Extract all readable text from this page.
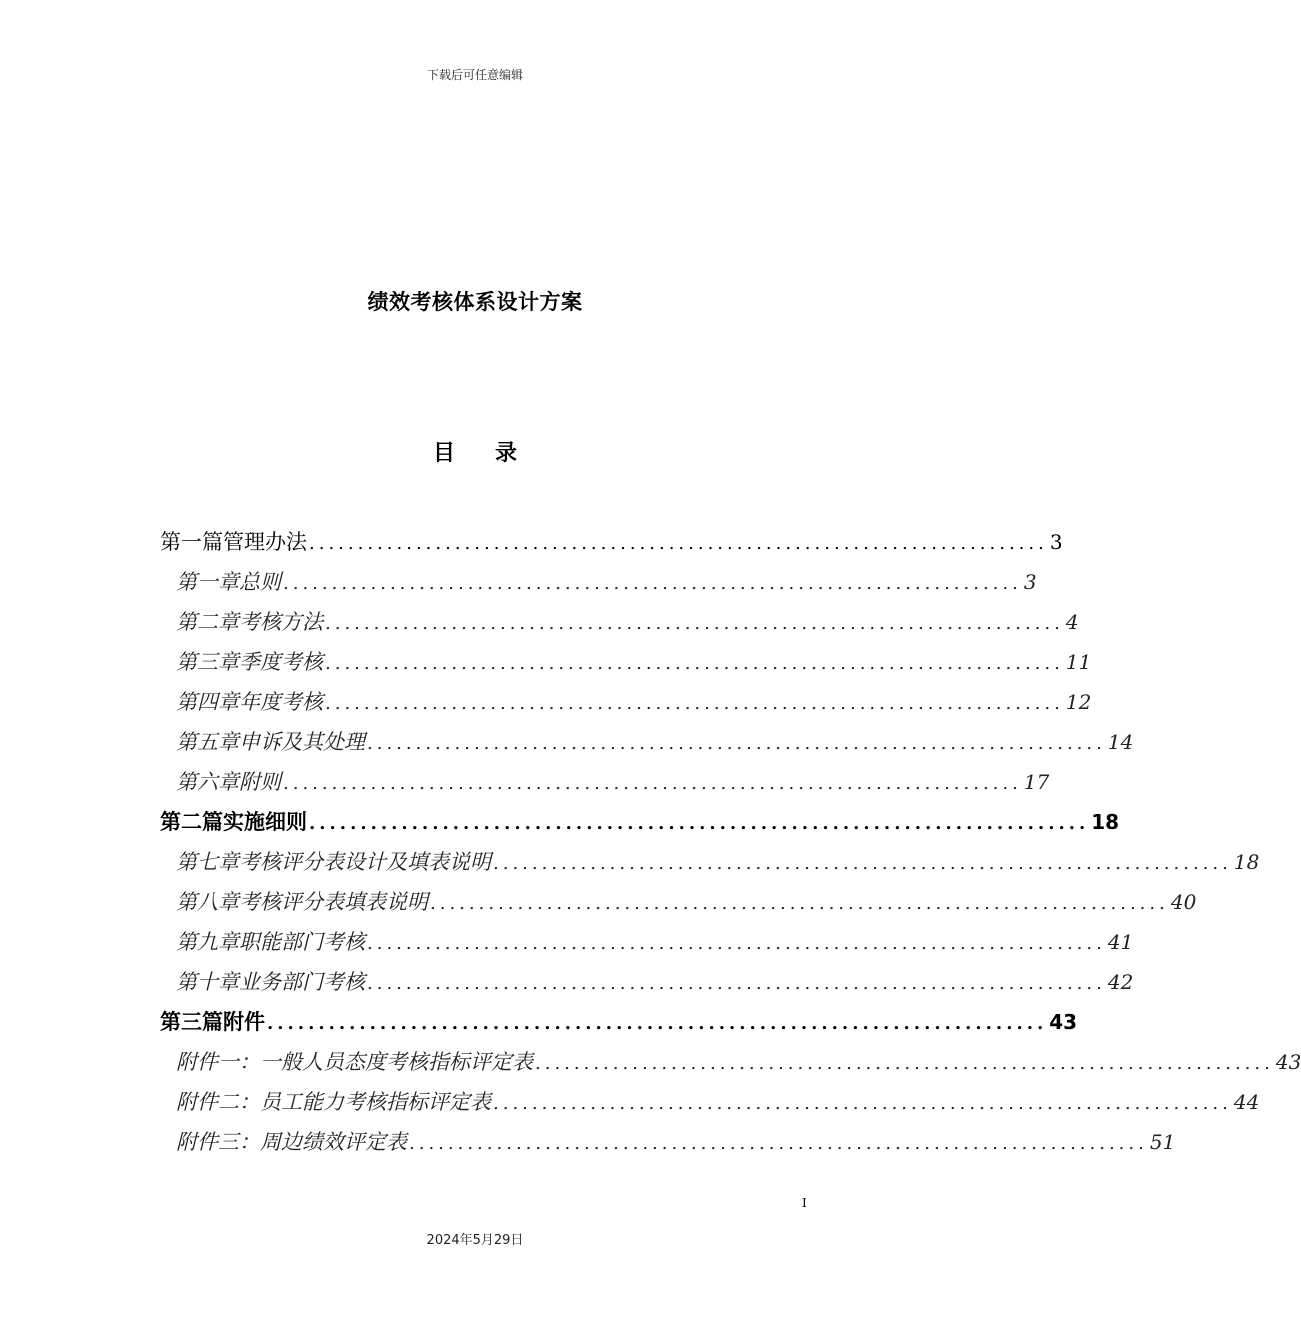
下载后可任意编辑
绩效考核体系设计方案
目 录
第一篇 管理办法 ............................................................................ 3
第一章 总则 ............................................................................ 3
第二章 考核方法 ............................................................................ 4
第三章 季度考核 ............................................................................ 11
第四章 年度考核 ............................................................................ 12
第五章 申诉及其处理 ............................................................................ 14
第六章 附则 ............................................................................ 17
第二篇 实施细则 ............................................................................ 18
第七章 考核评分表设计及填表说明 ............................................................................ 18
第八章 考核评分表填表说明 ............................................................................ 40
第九章 职能部门考核 ............................................................................ 41
第十章 业务部门考核 ............................................................................ 42
第三篇 附件 ............................................................................ 43
附件一： 一般人员态度考核指标评定表 ............................................................................ 43
附件二： 员工能力考核指标评定表 ............................................................................ 44
附件三： 周边绩效评定表 ............................................................................ 51
I
2024年5月29日
